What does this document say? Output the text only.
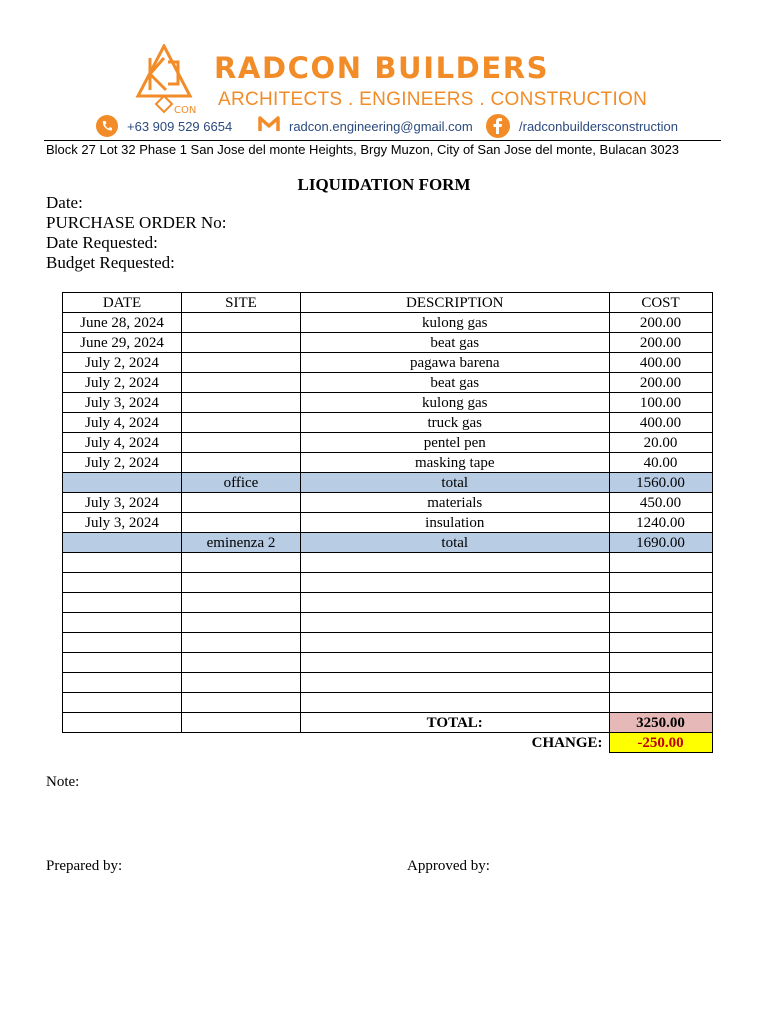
CON
RADCON BUILDERS
ARCHITECTS . ENGINEERS . CONSTRUCTION
+63 909 529 6654	radcon.engineering@gmail.com	/radconbuildersconstruction
Block 27 Lot 32 Phase 1 San Jose del monte Heights, Brgy Muzon, City of San Jose del monte, Bulacan 3023
LIQUIDATION FORM
Date:
PURCHASE ORDER No:
Date Requested:
Budget Requested:
DATE	SITE	DESCRIPTION	COST
June 28, 2024		kulong gas	200.00
June 29, 2024		beat gas	200.00
July 2, 2024		pagawa barena	400.00
July 2, 2024		beat gas	200.00
July 3, 2024		kulong gas	100.00
July 4, 2024		truck gas	400.00
July 4, 2024		pentel pen	20.00
July 2, 2024		masking tape	40.00
	office	total	1560.00
July 3, 2024		materials	450.00
July 3, 2024		insulation	1240.00
	eminenza 2	total	1690.00

		TOTAL:	3250.00
		CHANGE:	-250.00
Note:
Prepared by:	Approved by:
